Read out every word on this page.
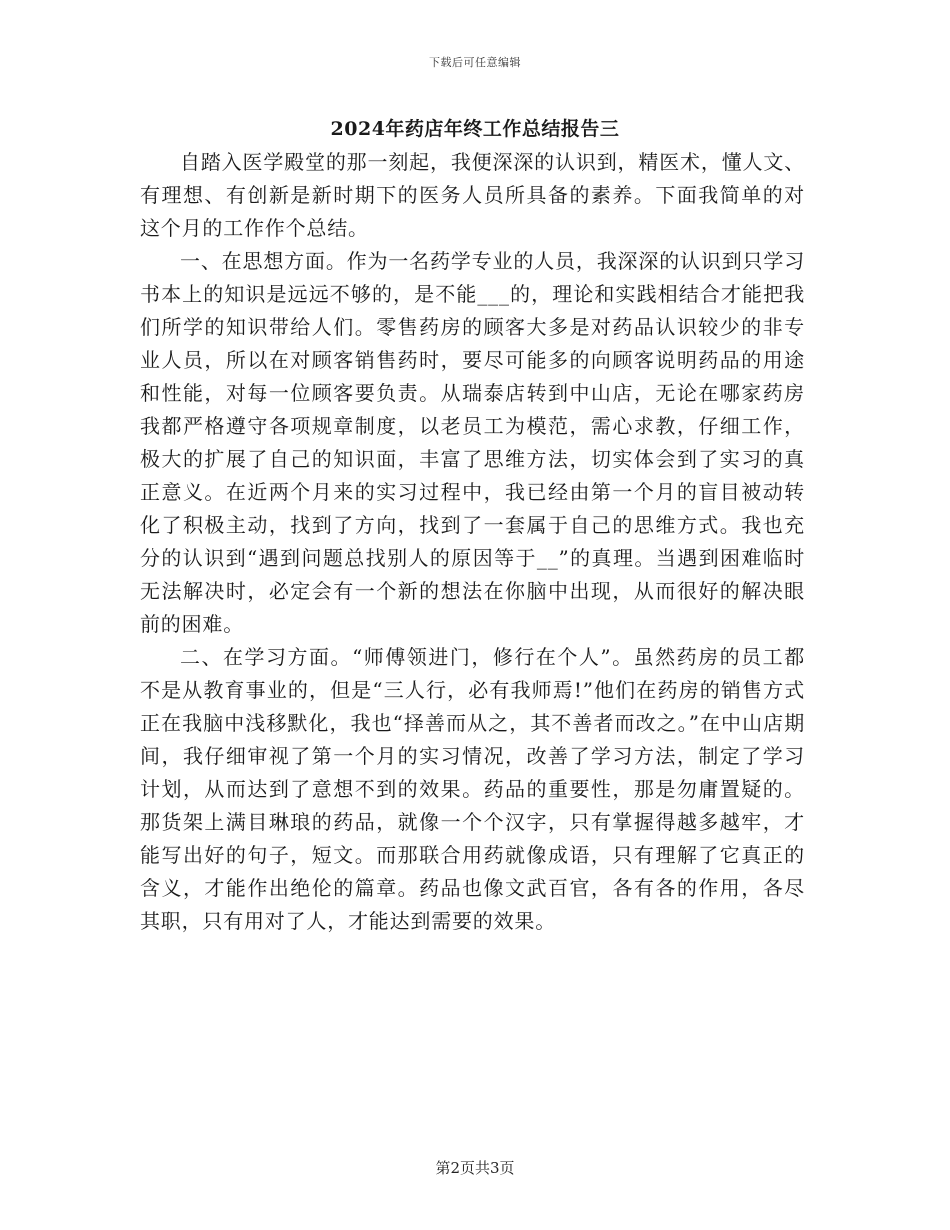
下载后可任意编辑
2024年药店年终工作总结报告三

自踏入医学殿堂的那一刻起，我便深深的认识到，精医术，懂人文、有理想、有创新是新时期下的医务人员所具备的素养。下面我简单的对这个月的工作作个总结。

一、在思想方面。作为一名药学专业的人员，我深深的认识到只学习书本上的知识是远远不够的，是不能___的，理论和实践相结合才能把我们所学的知识带给人们。零售药房的顾客大多是对药品认识较少的非专业人员，所以在对顾客销售药时，要尽可能多的向顾客说明药品的用途和性能，对每一位顾客要负责。从瑞泰店转到中山店，无论在哪家药房我都严格遵守各项规章制度，以老员工为模范，需心求教，仔细工作，极大的扩展了自己的知识面，丰富了思维方法，切实体会到了实习的真正意义。在近两个月来的实习过程中，我已经由第一个月的盲目被动转化了积极主动，找到了方向，找到了一套属于自己的思维方式。我也充分的认识到“遇到问题总找别人的原因等于__”的真理。当遇到困难临时无法解决时，必定会有一个新的想法在你脑中出现，从而很好的解决眼前的困难。

二、在学习方面。“师傅领进门，修行在个人”。虽然药房的员工都不是从教育事业的，但是“三人行，必有我师焉!”他们在药房的销售方式正在我脑中浅移默化，我也“择善而从之，其不善者而改之。”在中山店期间，我仔细审视了第一个月的实习情况，改善了学习方法，制定了学习计划，从而达到了意想不到的效果。药品的重要性，那是勿庸置疑的。那货架上满目琳琅的药品，就像一个个汉字，只有掌握得越多越牢，才能写出好的句子，短文。而那联合用药就像成语，只有理解了它真正的含义，才能作出绝伦的篇章。药品也像文武百官，各有各的作用，各尽其职，只有用对了人，才能达到需要的效果。

第2页共3页
